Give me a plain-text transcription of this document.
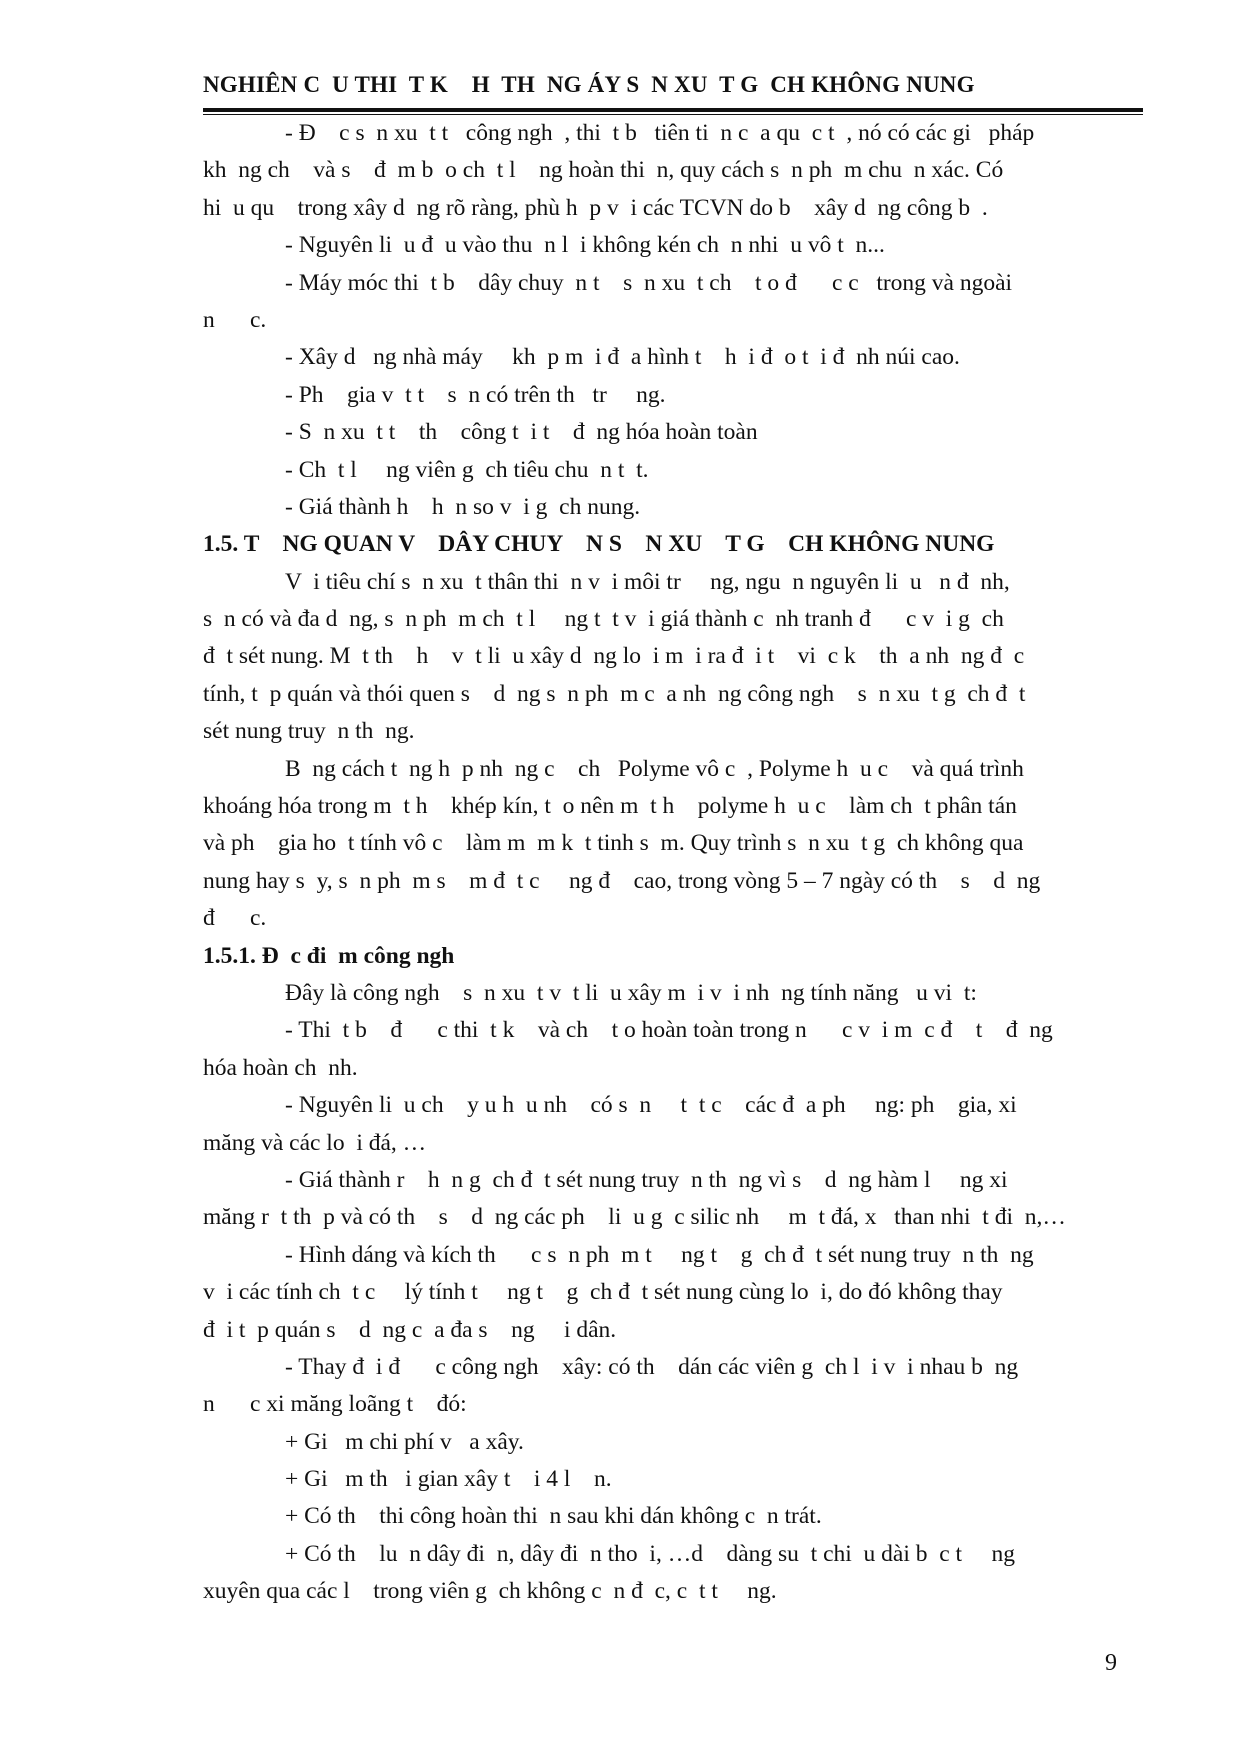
NGHIÊN C  U THI  T K    H  TH  NG ÁY S  N XU  T G  CH KHÔNG NUNG
- Đ    c s  n xu  t t   công ngh  , thi  t b   tiên ti  n c  a qu  c t  , nó có các gi   pháp
kh  ng ch    và s    đ  m b  o ch  t l    ng hoàn thi  n, quy cách s  n ph  m chu  n xác. Có
hi  u qu    trong xây d  ng rõ ràng, phù h  p v  i các TCVN do b    xây d  ng công b  .
- Nguyên li  u đ  u vào thu  n l  i không kén ch  n nhi  u vô t  n...
- Máy móc thi  t b    dây chuy  n t    s  n xu  t ch    t o đ      c c   trong và ngoài
n      c.
- Xây d   ng nhà máy     kh  p m  i đ  a hình t    h  i đ  o t  i đ  nh núi cao.
- Ph    gia v  t t    s  n có trên th   tr     ng.
- S  n xu  t t    th    công t  i t    đ  ng hóa hoàn toàn
- Ch  t l     ng viên g  ch tiêu chu  n t  t.
- Giá thành h    h  n so v  i g  ch nung.
1.5. T    NG QUAN V    DÂY CHUY    N S    N XU    T G    CH KHÔNG NUNG
V  i tiêu chí s  n xu  t thân thi  n v  i môi tr     ng, ngu  n nguyên li  u   n đ  nh,
s  n có và đa d  ng, s  n ph  m ch  t l     ng t  t v  i giá thành c  nh tranh đ      c v  i g  ch
đ  t sét nung. M  t th    h    v  t li  u xây d  ng lo  i m  i ra đ  i t    vi  c k    th  a nh  ng đ  c
tính, t  p quán và thói quen s    d  ng s  n ph  m c  a nh  ng công ngh    s  n xu  t g  ch đ  t
sét nung truy  n th  ng.
B  ng cách t  ng h  p nh  ng c    ch   Polyme vô c  , Polyme h  u c    và quá trình
khoáng hóa trong m  t h    khép kín, t  o nên m  t h    polyme h  u c    làm ch  t phân tán
và ph    gia ho  t tính vô c    làm m  m k  t tinh s  m. Quy trình s  n xu  t g  ch không qua
nung hay s  y, s  n ph  m s    m đ  t c     ng đ    cao, trong vòng 5 – 7 ngày có th    s    d  ng
đ      c.
1.5.1. Đ  c đi  m công ngh
Đây là công ngh    s  n xu  t v  t li  u xây m  i v  i nh  ng tính năng   u vi  t:
- Thi  t b    đ      c thi  t k    và ch    t o hoàn toàn trong n      c v  i m  c đ    t    đ  ng
hóa hoàn ch  nh.
- Nguyên li  u ch    y u h  u nh    có s  n     t  t c    các đ  a ph     ng: ph    gia, xi
măng và các lo  i đá, …
- Giá thành r    h  n g  ch đ  t sét nung truy  n th  ng vì s    d  ng hàm l     ng xi
măng r  t th  p và có th    s    d  ng các ph    li  u g  c silic nh     m  t đá, x   than nhi  t đi  n,…
- Hình dáng và kích th      c s  n ph  m t     ng t    g  ch đ  t sét nung truy  n th  ng
v  i các tính ch  t c     lý tính t     ng t    g  ch đ  t sét nung cùng lo  i, do đó không thay
đ  i t  p quán s    d  ng c  a đa s    ng     i dân.
- Thay đ  i đ      c công ngh    xây: có th    dán các viên g  ch l  i v  i nhau b  ng
n      c xi măng loãng t    đó:
+ Gi   m chi phí v   a xây.
+ Gi   m th   i gian xây t    i 4 l    n.
+ Có th    thi công hoàn thi  n sau khi dán không c  n trát.
+ Có th    lu  n dây đi  n, dây đi  n tho  i, …d    dàng su  t chi  u dài b  c t     ng
xuyên qua các l    trong viên g  ch không c  n đ  c, c  t t     ng.
9
